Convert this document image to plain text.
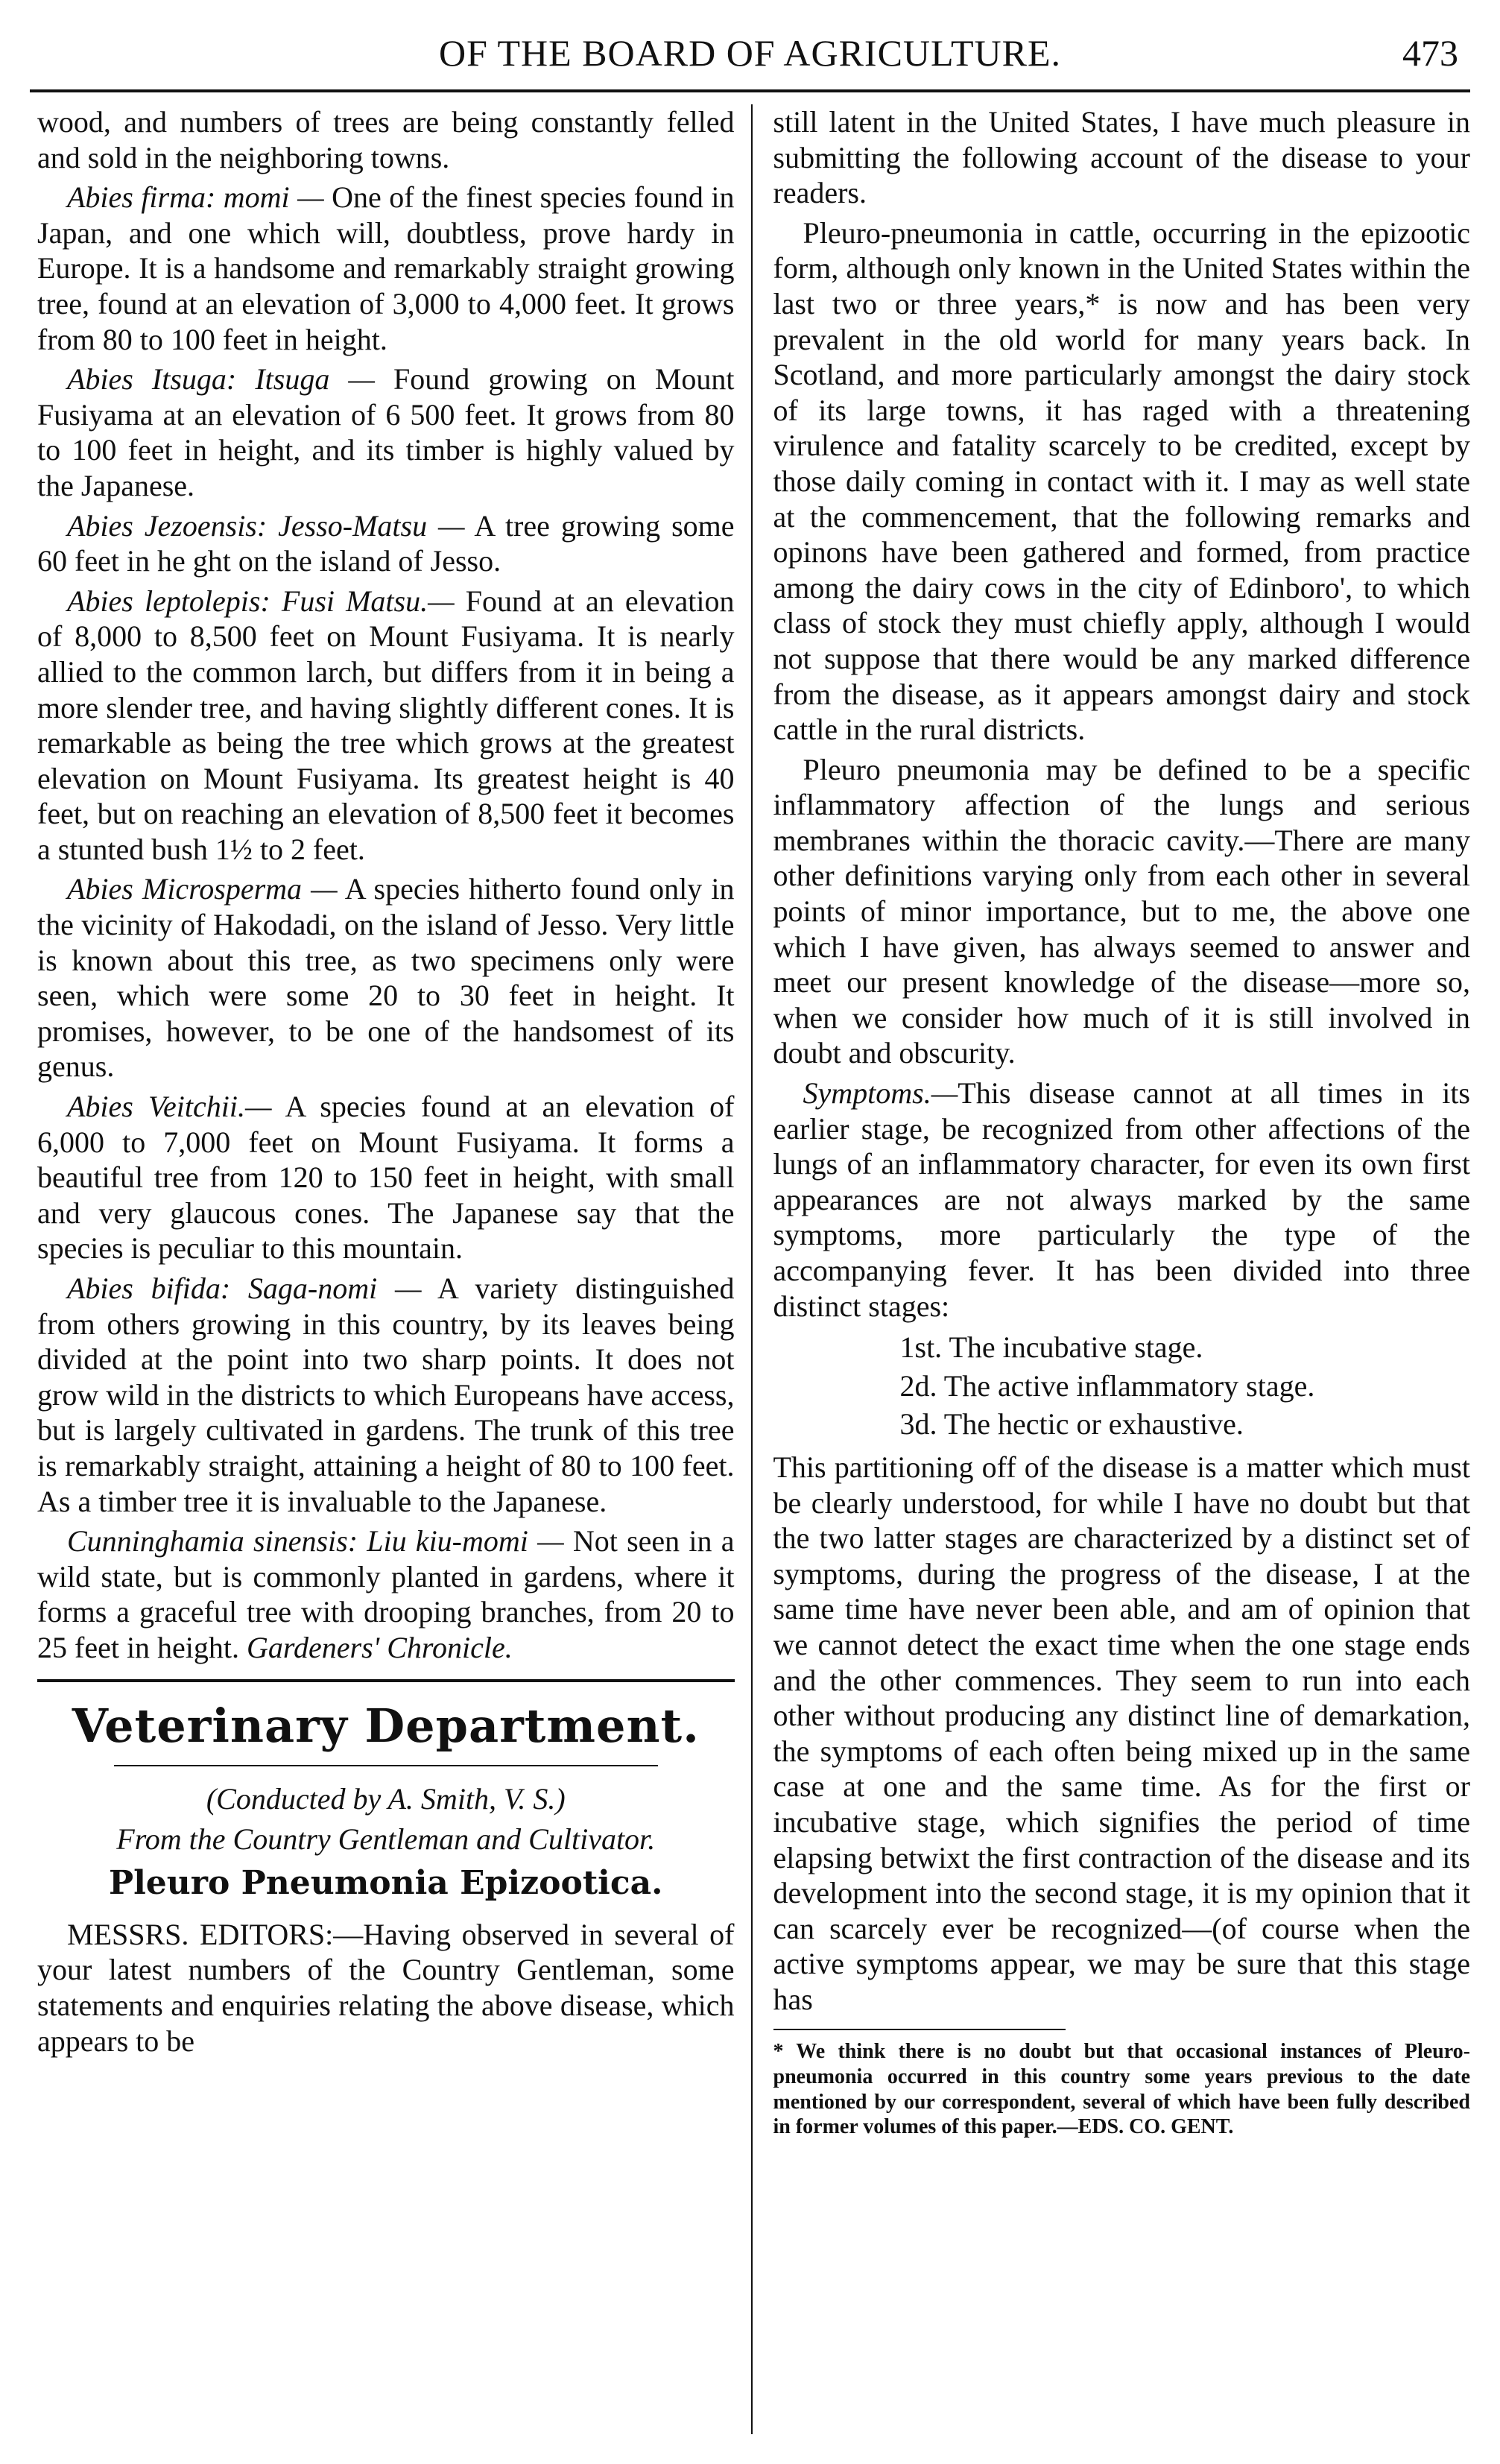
OF THE BOARD OF AGRICULTURE.	473

wood, and numbers of trees are being constantly felled and sold in the neighboring towns.

Abies firma: momi — One of the finest species found in Japan, and one which will, doubtless, prove hardy in Europe. It is a handsome and remarkably straight growing tree, found at an elevation of 3,000 to 4,000 feet. It grows from 80 to 100 feet in height.

Abies Itsuga: Itsuga — Found growing on Mount Fusiyama at an elevation of 6 500 feet. It grows from 80 to 100 feet in height, and its timber is highly valued by the Japanese.

Abies Jezoensis: Jesso-Matsu — A tree growing some 60 feet in he ght on the island of Jesso.

Abies leptolepis: Fusi Matsu.— Found at an elevation of 8,000 to 8,500 feet on Mount Fusiyama. It is nearly allied to the common larch, but differs from it in being a more slender tree, and having slightly different cones. It is remarkable as being the tree which grows at the greatest elevation on Mount Fusiyama. Its greatest height is 40 feet, but on reaching an elevation of 8,500 feet it becomes a stunted bush 1½ to 2 feet.

Abies Microsperma — A species hitherto found only in the vicinity of Hakodadi, on the island of Jesso. Very little is known about this tree, as two specimens only were seen, which were some 20 to 30 feet in height. It promises, however, to be one of the handsomest of its genus.

Abies Veitchii.— A species found at an elevation of 6,000 to 7,000 feet on Mount Fusiyama. It forms a beautiful tree from 120 to 150 feet in height, with small and very glaucous cones. The Japanese say that the species is peculiar to this mountain.

Abies bifida: Saga-nomi — A variety distinguished from others growing in this country, by its leaves being divided at the point into two sharp points. It does not grow wild in the districts to which Europeans have access, but is largely cultivated in gardens. The trunk of this tree is remarkably straight, attaining a height of 80 to 100 feet. As a timber tree it is invaluable to the Japanese.

Cunninghamia sinensis: Liu kiu-momi — Not seen in a wild state, but is commonly planted in gardens, where it forms a graceful tree with drooping branches, from 20 to 25 feet in height. Gardeners' Chronicle.

Veterinary Department.

(Conducted by A. Smith, V. S.)

From the Country Gentleman and Cultivator.

Pleuro Pneumonia Epizootica.

MESSRS. EDITORS:—Having observed in several of your latest numbers of the Country Gentleman, some statements and enquiries relating the above disease, which appears to be

still latent in the United States, I have much pleasure in submitting the following account of the disease to your readers.

Pleuro-pneumonia in cattle, occurring in the epizootic form, although only known in the United States within the last two or three years,* is now and has been very prevalent in the old world for many years back. In Scotland, and more particularly amongst the dairy stock of its large towns, it has raged with a threatening virulence and fatality scarcely to be credited, except by those daily coming in contact with it. I may as well state at the commencement, that the following remarks and opinons have been gathered and formed, from practice among the dairy cows in the city of Edinboro', to which class of stock they must chiefly apply, although I would not suppose that there would be any marked difference from the disease, as it appears amongst dairy and stock cattle in the rural districts.

Pleuro pneumonia may be defined to be a specific inflammatory affection of the lungs and serious membranes within the thoracic cavity.—There are many other definitions varying only from each other in several points of minor importance, but to me, the above one which I have given, has always seemed to answer and meet our present knowledge of the disease—more so, when we consider how much of it is still involved in doubt and obscurity.

Symptoms.—This disease cannot at all times in its earlier stage, be recognized from other affections of the lungs of an inflammatory character, for even its own first appearances are not always marked by the same symptoms, more particularly the type of the accompanying fever. It has been divided into three distinct stages:

1st. The incubative stage.
2d. The active inflammatory stage.
3d. The hectic or exhaustive.

This partitioning off of the disease is a matter which must be clearly understood, for while I have no doubt but that the two latter stages are characterized by a distinct set of symptoms, during the progress of the disease, I at the same time have never been able, and am of opinion that we cannot detect the exact time when the one stage ends and the other commences. They seem to run into each other without producing any distinct line of demarkation, the symptoms of each often being mixed up in the same case at one and the same time. As for the first or incubative stage, which signifies the period of time elapsing betwixt the first contraction of the disease and its development into the second stage, it is my opinion that it can scarcely ever be recognized—(of course when the active symptoms appear, we may be sure that this stage has

* We think there is no doubt but that occasional instances of Pleuro-pneumonia occurred in this country some years previous to the date mentioned by our correspondent, several of which have been fully described in former volumes of this paper.—EDS. CO. GENT.
